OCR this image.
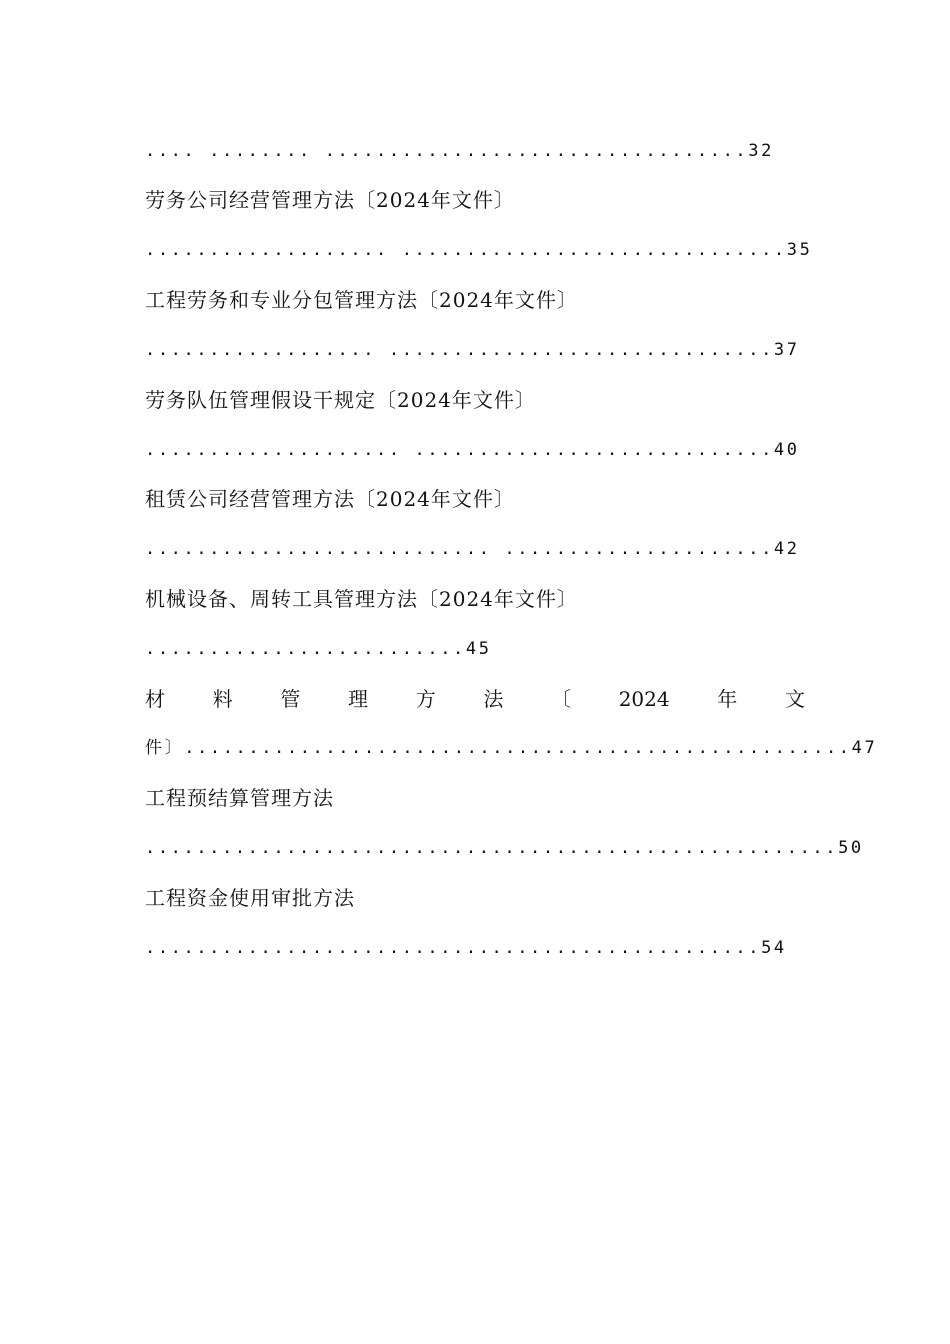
.... ........ .................................32
劳务公司经营管理方法〔2024年文件〕
................... ..............................35
工程劳务和专业分包管理方法〔2024年文件〕
.................. ..............................37
劳务队伍管理假设干规定〔2024年文件〕
.................... ............................40
租赁公司经营管理方法〔2024年文件〕
........................... .....................42
机械设备、周转工具管理方法〔2024年文件〕
.........................45
材 料 管 理 方 法 〔 2024 年 文
件〕....................................................47
工程预结算管理方法
......................................................50
工程资金使用审批方法
................................................54
